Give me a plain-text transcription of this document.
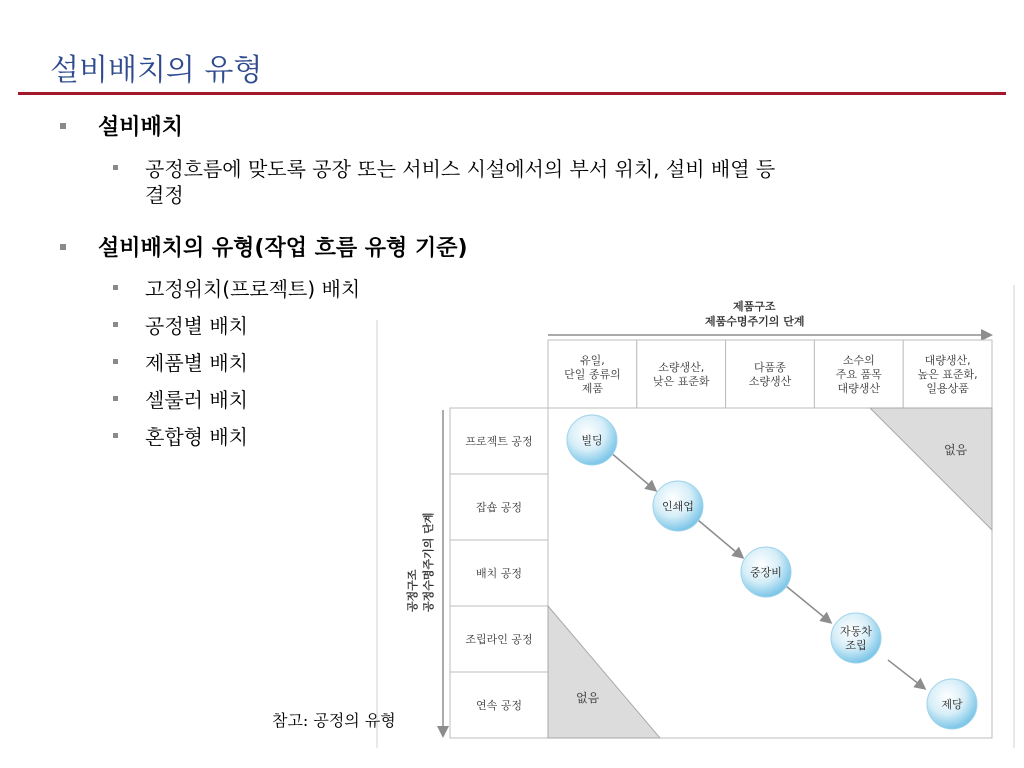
설비배치의 유형
설비배치
공정흐름에 맞도록 공장 또는 서비스 시설에서의 부서 위치, 설비 배열 등
결정
설비배치의 유형(작업 흐름 유형 기준)
고정위치(프로젝트) 배치
공정별 배치
제품별 배치
셀룰러 배치
혼합형 배치
제품구조
제품수명주기의 단계
공정구조 공정수명주기의 단계
유일,
단일 종류의
제품
소량생산,
낮은 표준화
다품종
소량생산
소수의
주요 품목
대량생산
대량생산,
높은 표준화,
일용상품
프로젝트 공정
잡숍 공정
배치 공정
조립라인 공정
연속 공정
없음
없음
빌딩
인쇄업
중장비
자동차
조립
제당
참고: 공정의 유형
